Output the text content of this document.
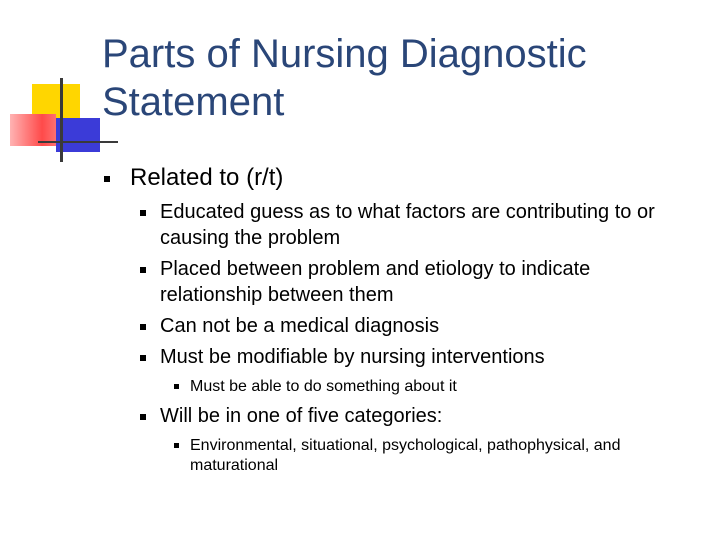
Parts of Nursing Diagnostic Statement

Related to (r/t)

Educated guess as to what factors are contributing to or causing the problem

Placed between problem and etiology to indicate relationship between them

Can not be a medical diagnosis

Must be modifiable by nursing interventions

Must be able to do something about it

Will be in one of five categories:

Environmental, situational, psychological, pathophysical, and maturational
